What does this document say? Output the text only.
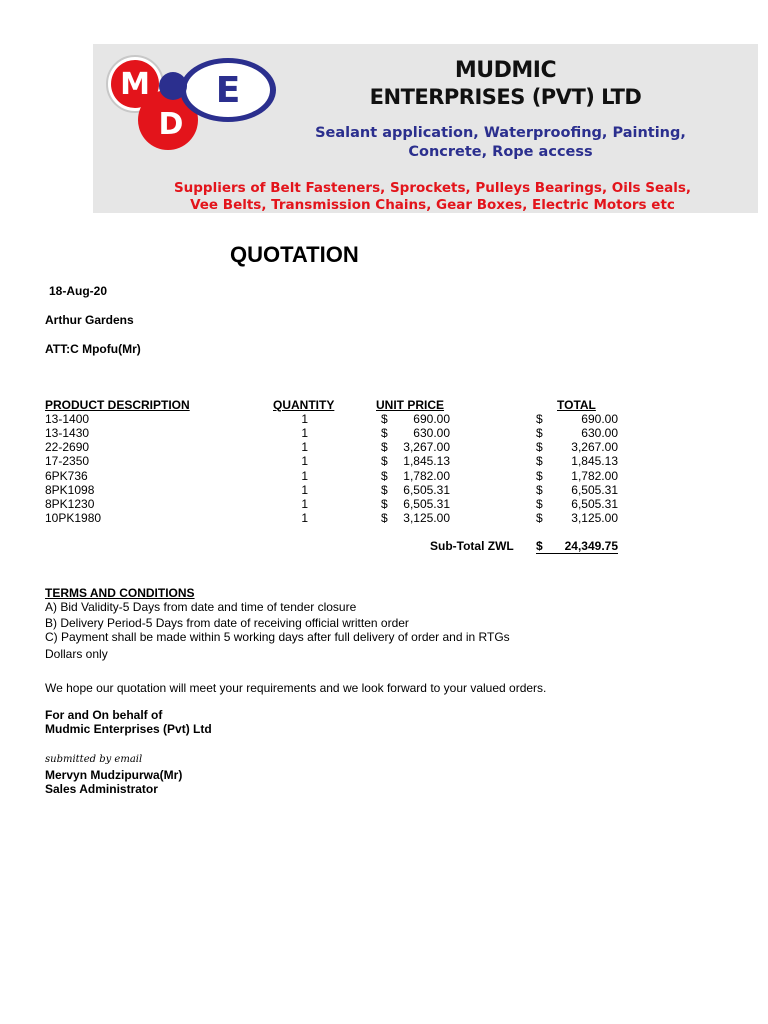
M E
D
MUDMIC
ENTERPRISES (PVT) LTD
Sealant application, Waterproofing, Painting,
Concrete, Rope access
Suppliers of Belt Fasteners, Sprockets, Pulleys Bearings, Oils Seals,
Vee Belts, Transmission Chains, Gear Boxes, Electric Motors etc
QUOTATION
18-Aug-20
Arthur Gardens
ATT:C Mpofu(Mr)
PRODUCT DESCRIPTION	QUANTITY	UNIT PRICE	TOTAL
13-1400	1	$	690.00	$	690.00
13-1430	1	$	630.00	$	630.00
22-2690	1	$	3,267.00	$	3,267.00
17-2350	1	$	1,845.13	$	1,845.13
6PK736	1	$	1,782.00	$	1,782.00
8PK1098	1	$	6,505.31	$	6,505.31
8PK1230	1	$	6,505.31	$	6,505.31
10PK1980	1	$	3,125.00	$	3,125.00
Sub-Total ZWL $	24,349.75
TERMS AND CONDITIONS
A) Bid Validity-5 Days from date and time of tender closure
B) Delivery Period-5 Days from date of receiving official written order
C) Payment shall be made within 5 working days after full delivery of order and in RTGs
Dollars only
We hope our quotation will meet your requirements and we look forward to your valued orders.
For and On behalf of
Mudmic Enterprises (Pvt) Ltd
submitted by email
Mervyn Mudzipurwa(Mr)
Sales Administrator
